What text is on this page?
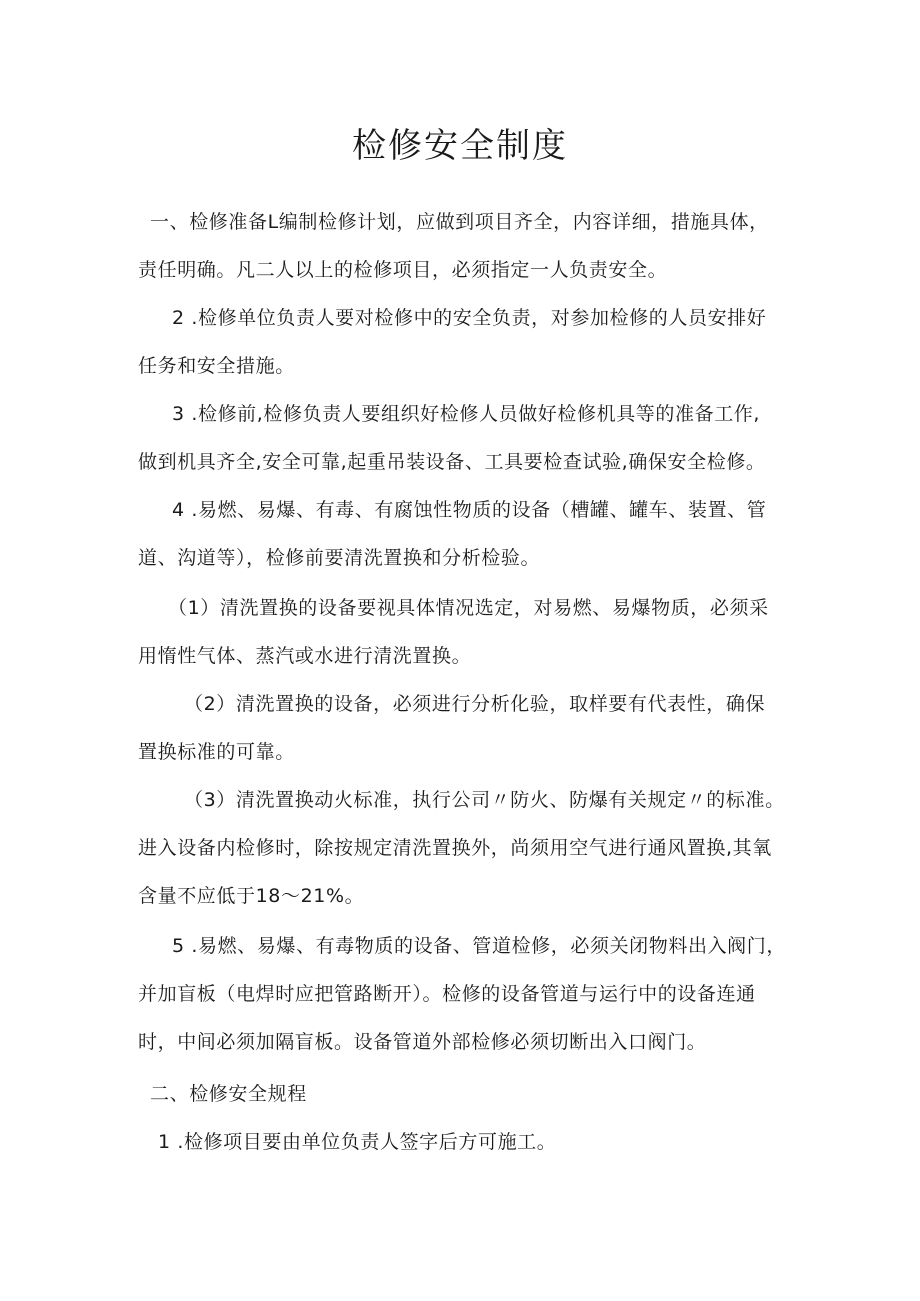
检修安全制度
一、检修准备L编制检修计划，应做到项目齐全，内容详细，措施具体，
责任明确。凡二人以上的检修项目，必须指定一人负责安全。
2 .检修单位负责人要对检修中的安全负责，对参加检修的人员安排好
任务和安全措施。
3 .检修前,检修负责人要组织好检修人员做好检修机具等的准备工作,
做到机具齐全,安全可靠,起重吊装设备、工具要检查试验,确保安全检修。
4 .易燃、易爆、有毒、有腐蚀性物质的设备（槽罐、罐车、装置、管
道、沟道等），检修前要清洗置换和分析检验。
（1）清洗置换的设备要视具体情况选定，对易燃、易爆物质，必须采
用惰性气体、蒸汽或水进行清洗置换。
（2）清洗置换的设备，必须进行分析化验，取样要有代表性，确保
置换标准的可靠。
（3）清洗置换动火标准，执行公司〃防火、防爆有关规定〃的标准。
进入设备内检修时，除按规定清洗置换外，尚须用空气进行通风置换,其氧
含量不应低于18〜21%。
5 .易燃、易爆、有毒物质的设备、管道检修，必须关闭物料出入阀门，
并加盲板（电焊时应把管路断开）。检修的设备管道与运行中的设备连通
时，中间必须加隔盲板。设备管道外部检修必须切断出入口阀门。
二、检修安全规程
1 .检修项目要由单位负责人签字后方可施工。
